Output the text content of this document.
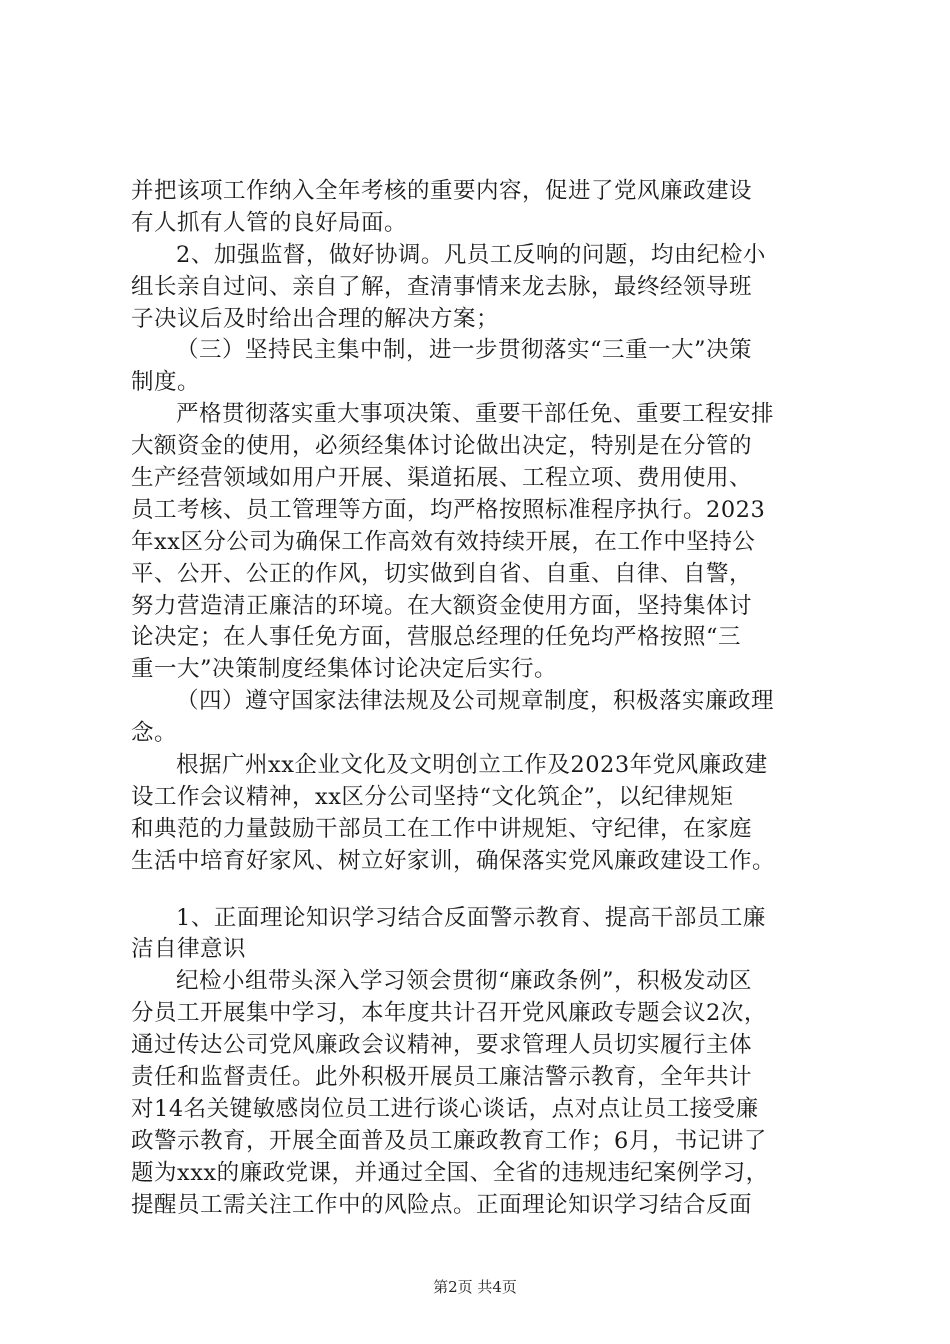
并把该项工作纳入全年考核的重要内容，促进了党风廉政建设
有人抓有人管的良好局面。
2、加强监督，做好协调。凡员工反响的问题，均由纪检小
组长亲自过问、亲自了解，查清事情来龙去脉，最终经领导班
子决议后及时给出合理的解决方案；
（三）坚持民主集中制，进一步贯彻落实“三重一大”决策
制度。
严格贯彻落实重大事项决策、重要干部任免、重要工程安排
大额资金的使用，必须经集体讨论做出决定，特别是在分管的
生产经营领域如用户开展、渠道拓展、工程立项、费用使用、
员工考核、员工管理等方面，均严格按照标准程序执行。2023
年xx区分公司为确保工作高效有效持续开展，在工作中坚持公
平、公开、公正的作风，切实做到自省、自重、自律、自警，
努力营造清正廉洁的环境。在大额资金使用方面，坚持集体讨
论决定；在人事任免方面，营服总经理的任免均严格按照“三
重一大”决策制度经集体讨论决定后实行。
（四）遵守国家法律法规及公司规章制度，积极落实廉政理
念。
根据广州xx企业文化及文明创立工作及2023年党风廉政建
设工作会议精神，xx区分公司坚持“文化筑企”，以纪律规矩
和典范的力量鼓励干部员工在工作中讲规矩、守纪律，在家庭
生活中培育好家风、树立好家训，确保落实党风廉政建设工作。
1、正面理论知识学习结合反面警示教育、提高干部员工廉
洁自律意识
纪检小组带头深入学习领会贯彻“廉政条例”，积极发动区
分员工开展集中学习，本年度共计召开党风廉政专题会议2次，
通过传达公司党风廉政会议精神，要求管理人员切实履行主体
责任和监督责任。此外积极开展员工廉洁警示教育，全年共计
对14名关键敏感岗位员工进行谈心谈话，点对点让员工接受廉
政警示教育，开展全面普及员工廉政教育工作；6月，书记讲了
题为xxx的廉政党课，并通过全国、全省的违规违纪案例学习，
提醒员工需关注工作中的风险点。正面理论知识学习结合反面
第2页 共4页
